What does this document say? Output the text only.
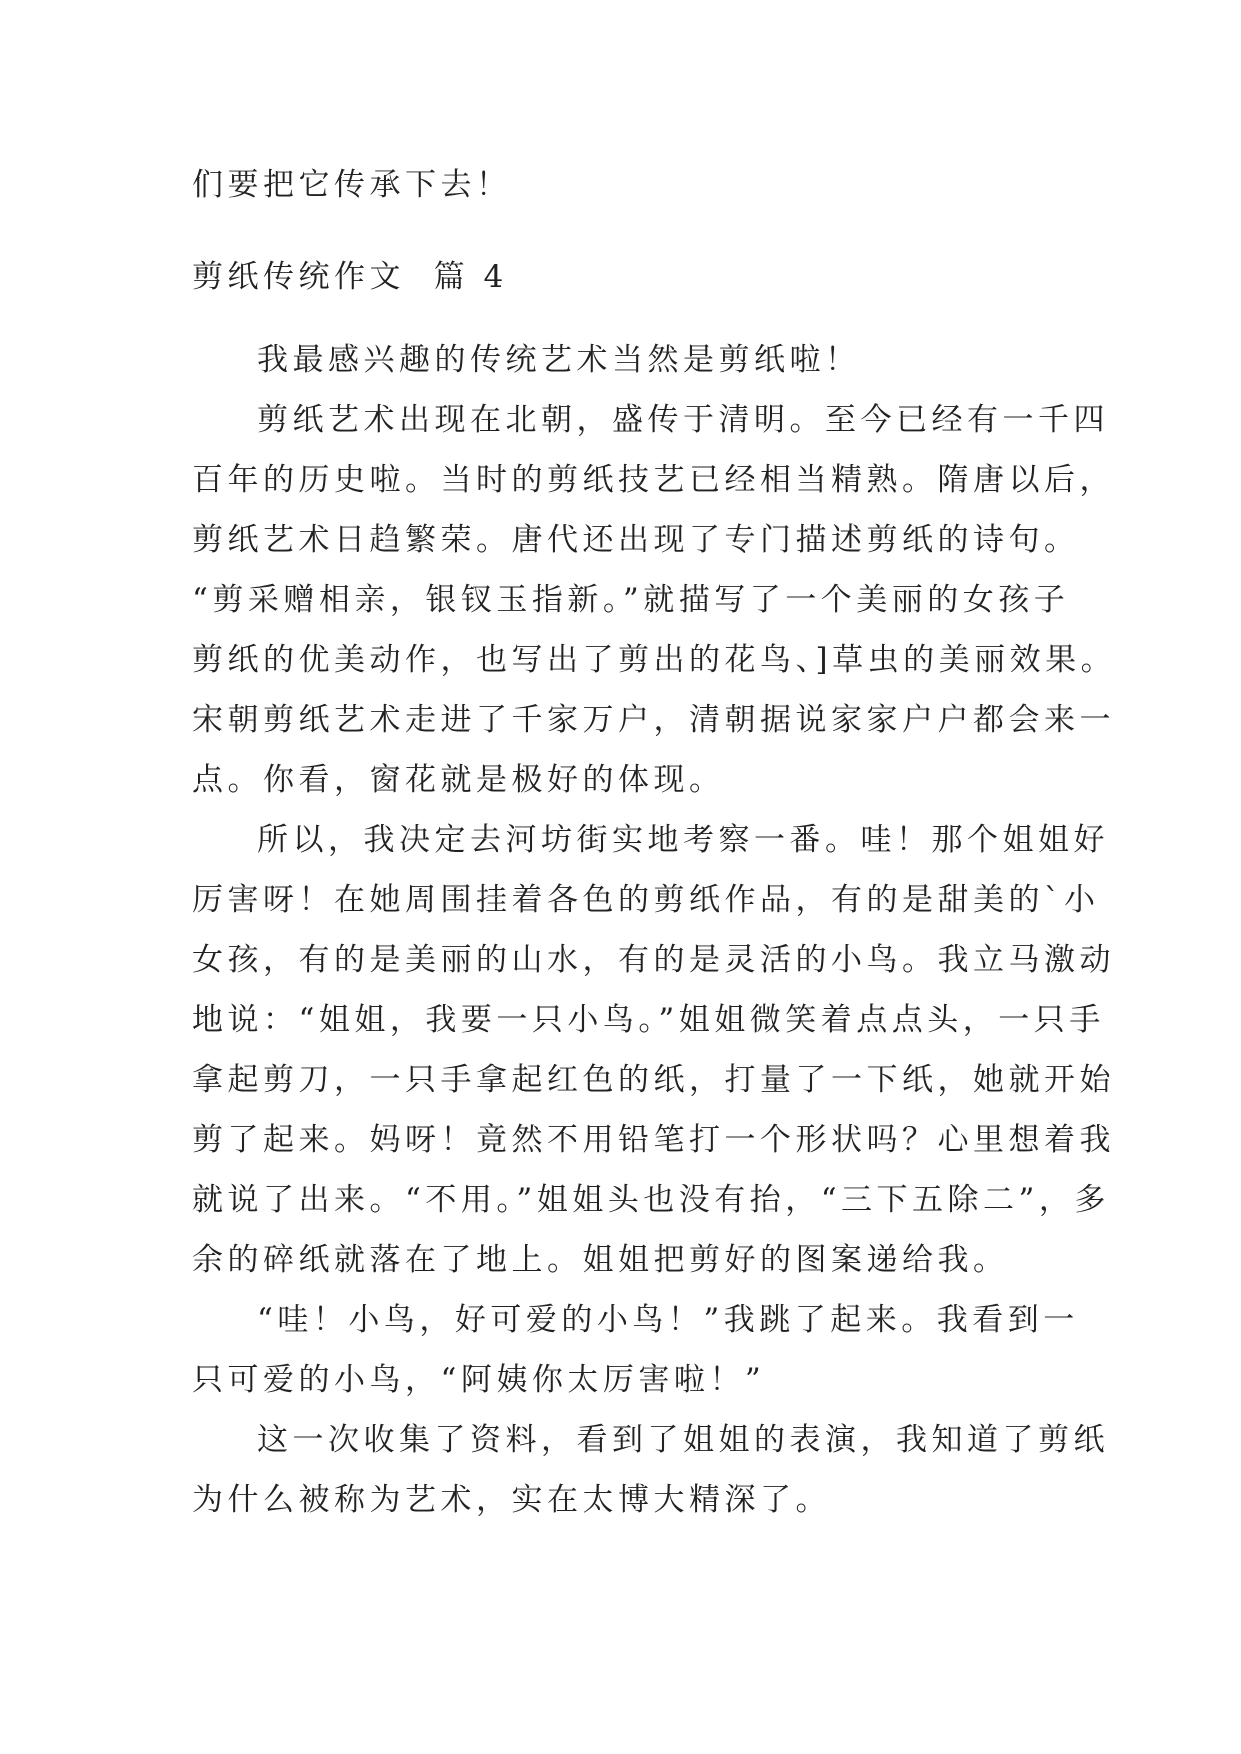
们要把它传承下去！
剪纸传统作文  篇 4
我最感兴趣的传统艺术当然是剪纸啦！
剪纸艺术出现在北朝，盛传于清明。至今已经有一千四
百年的历史啦。当时的剪纸技艺已经相当精熟。隋唐以后，
剪纸艺术日趋繁荣。唐代还出现了专门描述剪纸的诗句。
“剪采赠相亲，银钗玉指新。”就描写了一个美丽的女孩子
剪纸的优美动作，也写出了剪出的花鸟、]草虫的美丽效果。
宋朝剪纸艺术走进了千家万户，清朝据说家家户户都会来一
点。你看，窗花就是极好的体现。
所以，我决定去河坊街实地考察一番。哇！那个姐姐好
厉害呀！在她周围挂着各色的剪纸作品，有的是甜美的`小
女孩，有的是美丽的山水，有的是灵活的小鸟。我立马激动
地说：“姐姐，我要一只小鸟。”姐姐微笑着点点头，一只手
拿起剪刀，一只手拿起红色的纸，打量了一下纸，她就开始
剪了起来。妈呀！竟然不用铅笔打一个形状吗？心里想着我
就说了出来。“不用。”姐姐头也没有抬，“三下五除二”，多
余的碎纸就落在了地上。姐姐把剪好的图案递给我。
“哇！小鸟，好可爱的小鸟！”我跳了起来。我看到一
只可爱的小鸟，“阿姨你太厉害啦！”
这一次收集了资料，看到了姐姐的表演，我知道了剪纸
为什么被称为艺术，实在太博大精深了。
